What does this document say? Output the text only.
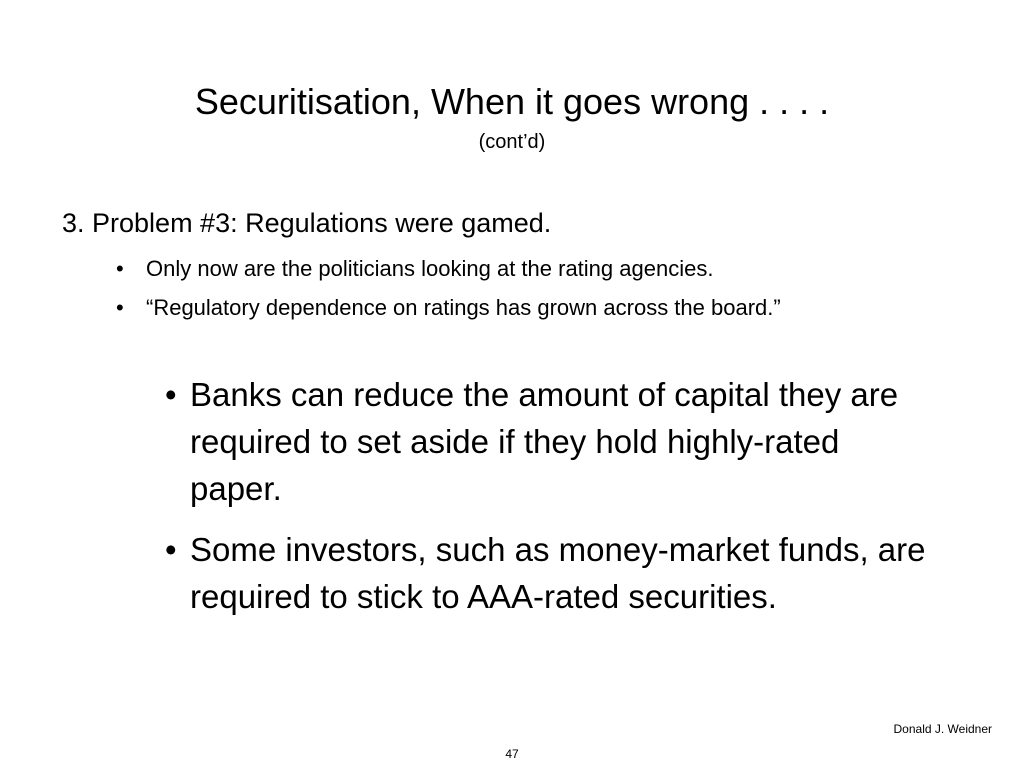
Securitisation, When it goes wrong . . . .
(cont’d)
3. Problem #3: Regulations were gamed.
• Only now are the politicians looking at the rating agencies.
• “Regulatory dependence on ratings has grown across the board.”
• Banks can reduce the amount of capital they are required to set aside if they hold highly-rated paper.
• Some investors, such as money-market funds, are required to stick to AAA-rated securities.
Donald J. Weidner
47
